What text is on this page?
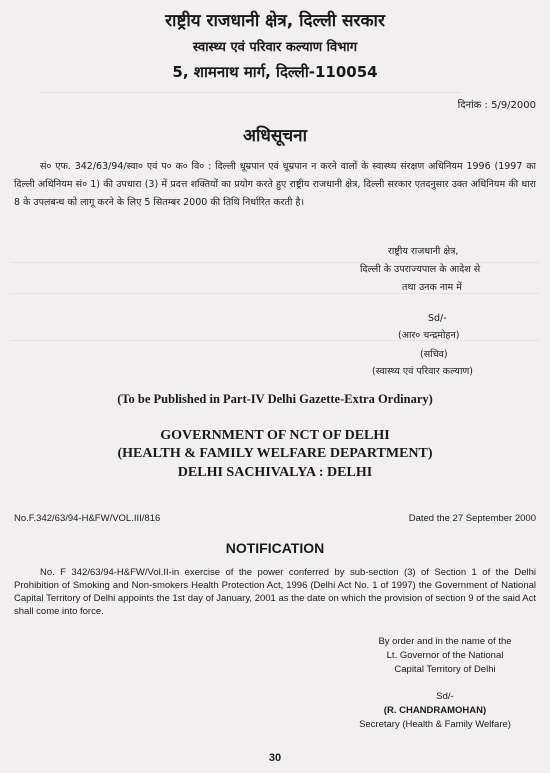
राष्ट्रीय राजधानी क्षेत्र, दिल्ली सरकार
स्वास्थ्य एवं परिवार कल्याण विभाग
5, शामनाथ मार्ग, दिल्ली-110054
दिनांक : 5/9/2000
अधिसूचना
सं० एफ. 342/63/94/स्वा० एवं प० क० वि० : दिल्ली धूम्रपान एवं धूम्रपान न करने वालों के स्वास्थ्य संरक्षण अधिनियम 1996 (1997 का दिल्ली अधिनियम सं० 1) की उपधारा (3) में प्रदत्त शक्तियों का प्रयोग करते हुए राष्ट्रीय राजधानी क्षेत्र, दिल्ली सरकार एतदनुसार उक्त अधिनियम की धारा 8 के उपलबन्ध को लागू करने के लिए 5 सितम्बर 2000 की तिथि निर्धारित करती है।
राष्ट्रीय राजधानी क्षेत्र,
दिल्ली के उपराज्यपाल के आदेश से
तथा उनक नाम में
Sd/-
(आर० चन्द्रमोहन)
(सचिव)
(स्वास्थ्य एवं परिवार कल्याण)
(To be Published in Part-IV Delhi Gazette-Extra Ordinary)
GOVERNMENT OF NCT OF DELHI
(HEALTH & FAMILY WELFARE DEPARTMENT)
DELHI SACHIVALYA : DELHI
No.F.342/63/94-H&FW/VOL.III/816	Dated the 27 September 2000
NOTIFICATION
No. F 342/63/94-H&FW/Vol.II-in exercise of the power conferred by sub-section (3) of Section 1 of the Delhi Prohibition of Smoking and Non-smokers Health Protection Act, 1996 (Delhi Act No. 1 of 1997) the Government of National Capital Territory of Delhi appoints the 1st day of January, 2001 as the date on which the provision of section 9 of the said Act shall come into force.
By order and in the name of the
Lt. Governor of the National
Capital Territory of Delhi
Sd/-
(R. CHANDRAMOHAN)
Secretary (Health & Family Welfare)
30
